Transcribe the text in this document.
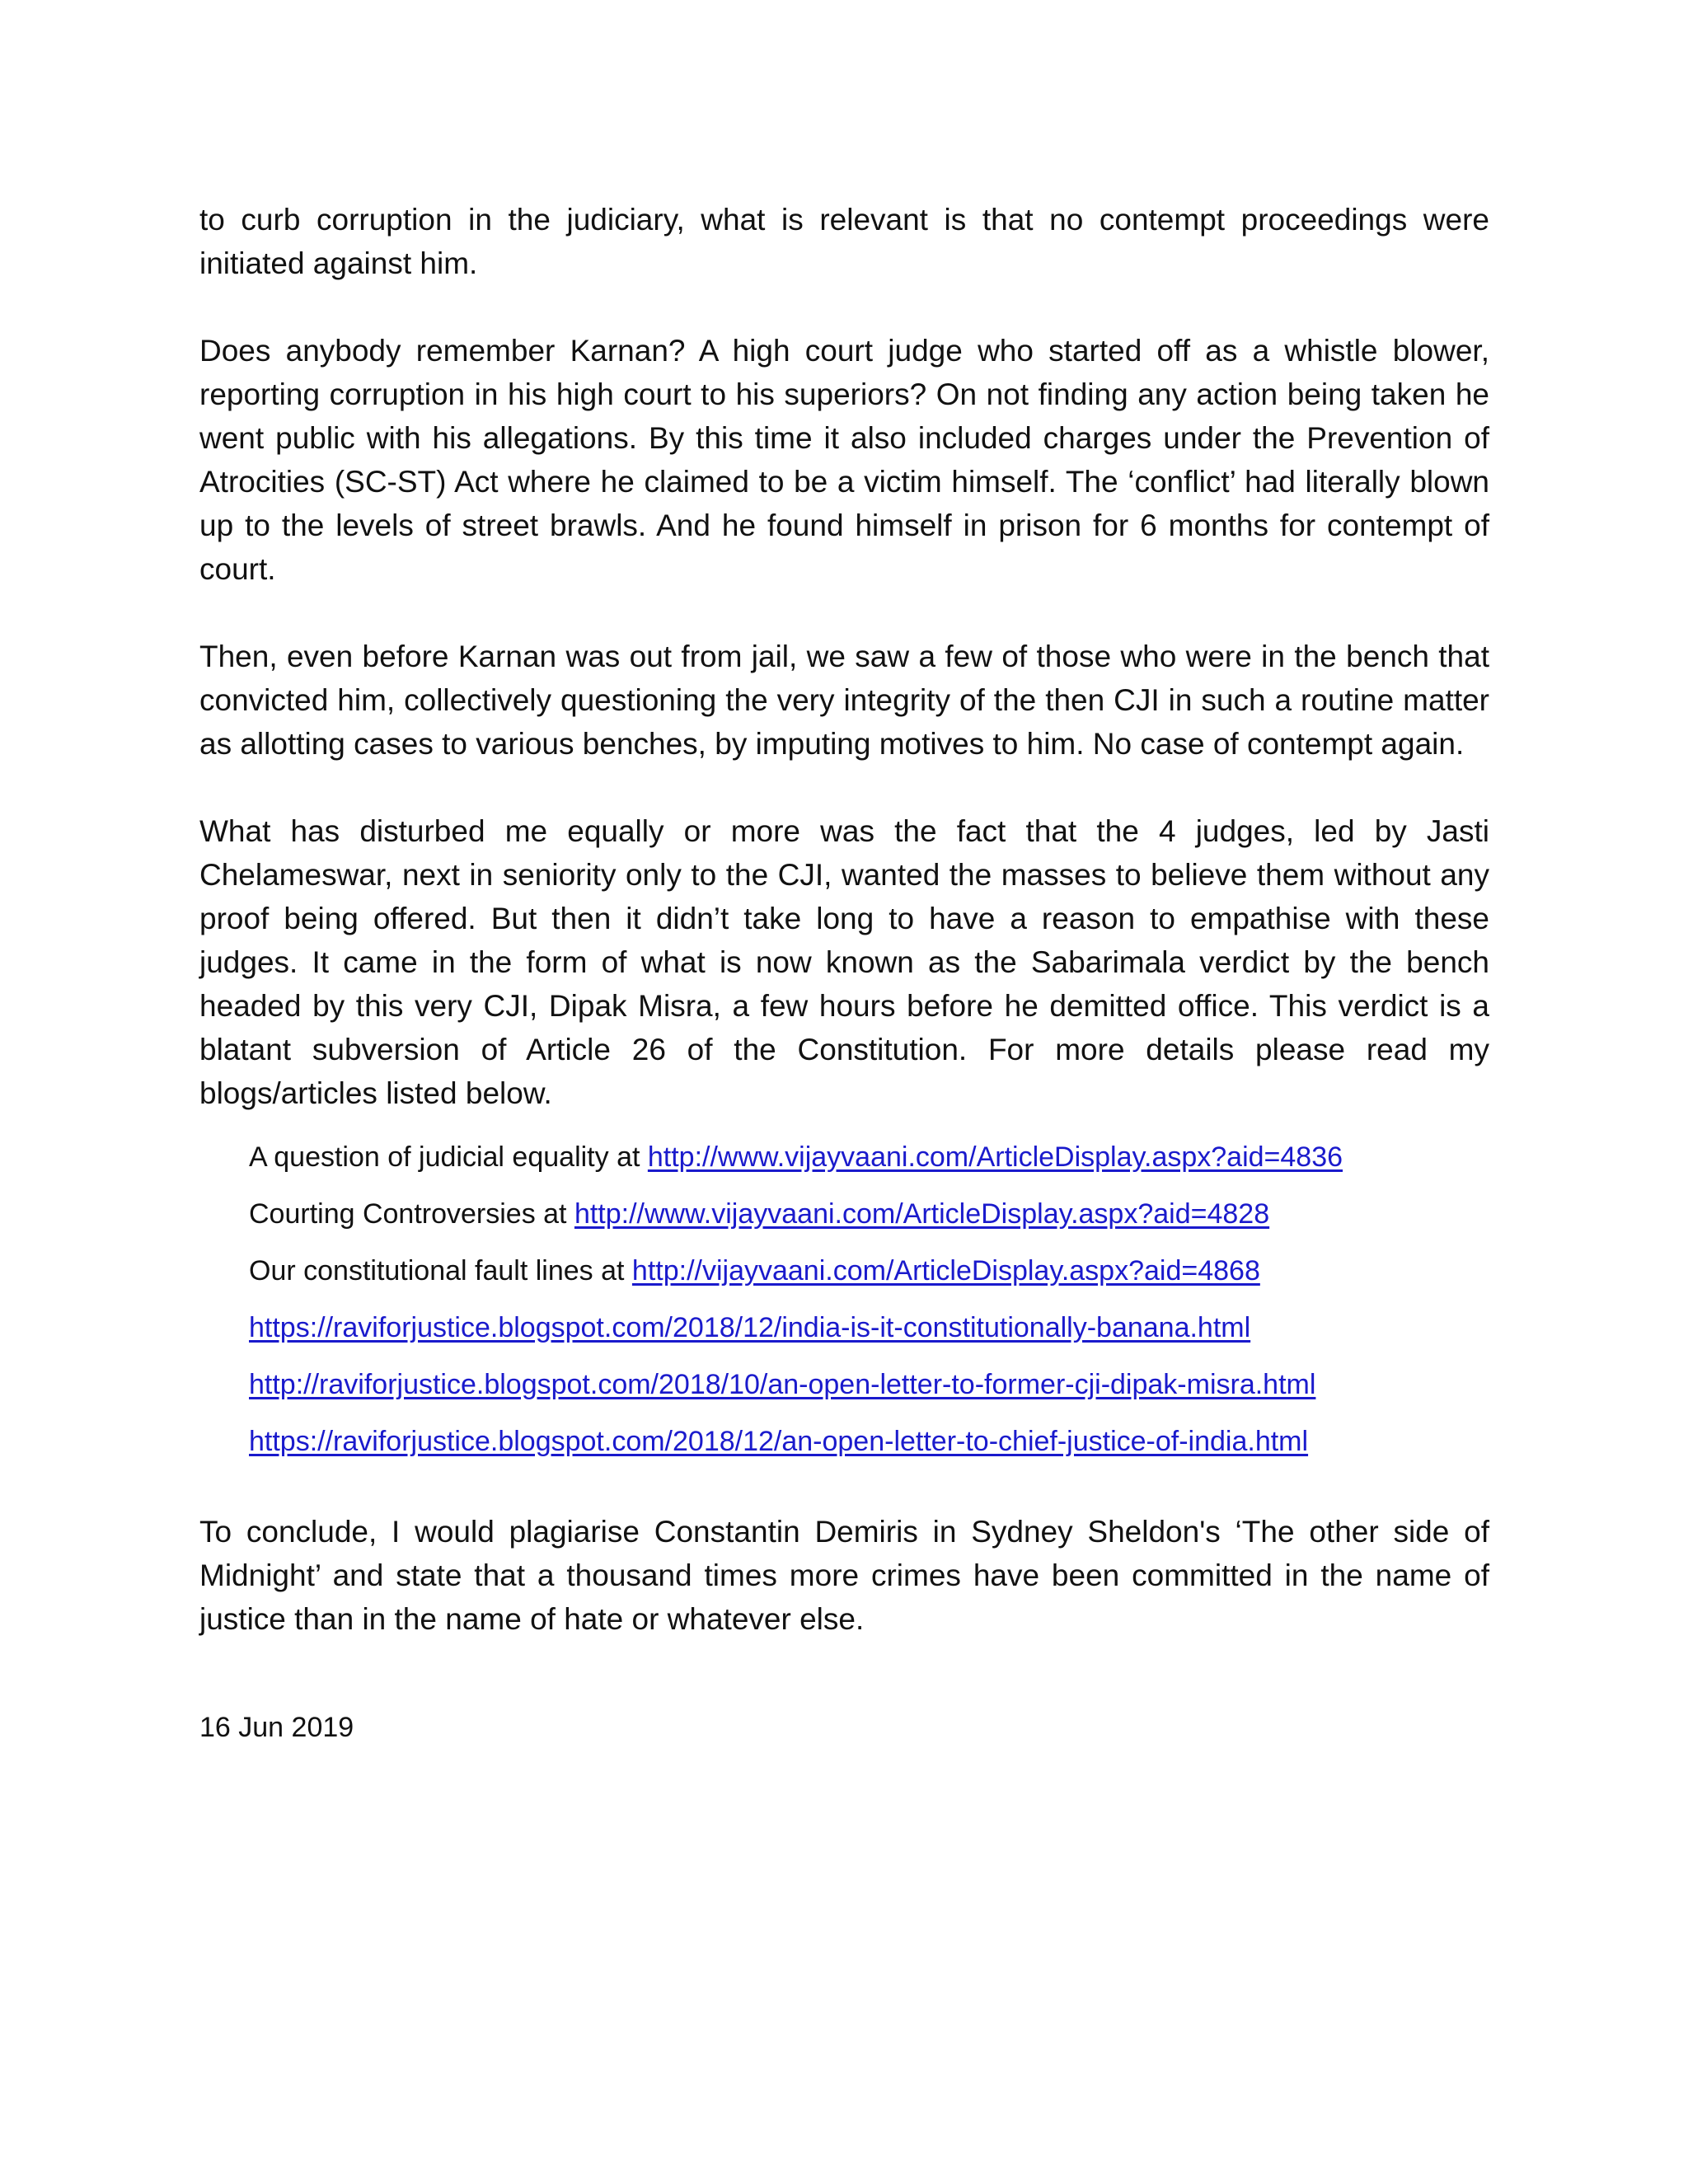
to curb corruption in the judiciary, what is relevant is that no contempt proceedings were initiated against him.

Does anybody remember Karnan? A high court judge who started off as a whistle blower, reporting corruption in his high court to his superiors? On not finding any action being taken he went public with his allegations. By this time it also included charges under the Prevention of Atrocities (SC-ST) Act where he claimed to be a victim himself. The ‘conflict’ had literally blown up to the levels of street brawls. And he found himself in prison for 6 months for contempt of court.

Then, even before Karnan was out from jail, we saw a few of those who were in the bench that convicted him, collectively questioning the very integrity of the then CJI in such a routine matter as allotting cases to various benches, by imputing motives to him. No case of contempt again.

What has disturbed me equally or more was the fact that the 4 judges, led by Jasti Chelameswar, next in seniority only to the CJI, wanted the masses to believe them without any proof being offered. But then it didn’t take long to have a reason to empathise with these judges. It came in the form of what is now known as the Sabarimala verdict by the bench headed by this very CJI, Dipak Misra, a few hours before he demitted office. This verdict is a blatant subversion of Article 26 of the Constitution. For more details please read my blogs/articles listed below.

A question of judicial equality at http://www.vijayvaani.com/ArticleDisplay.aspx?aid=4836
Courting Controversies at http://www.vijayvaani.com/ArticleDisplay.aspx?aid=4828
Our constitutional fault lines at http://vijayvaani.com/ArticleDisplay.aspx?aid=4868
https://raviforjustice.blogspot.com/2018/12/india-is-it-constitutionally-banana.html
http://raviforjustice.blogspot.com/2018/10/an-open-letter-to-former-cji-dipak-misra.html
https://raviforjustice.blogspot.com/2018/12/an-open-letter-to-chief-justice-of-india.html

To conclude, I would plagiarise Constantin Demiris in Sydney Sheldon's ‘The other side of Midnight’ and state that a thousand times more crimes have been committed in the name of justice than in the name of hate or whatever else.

16 Jun 2019
